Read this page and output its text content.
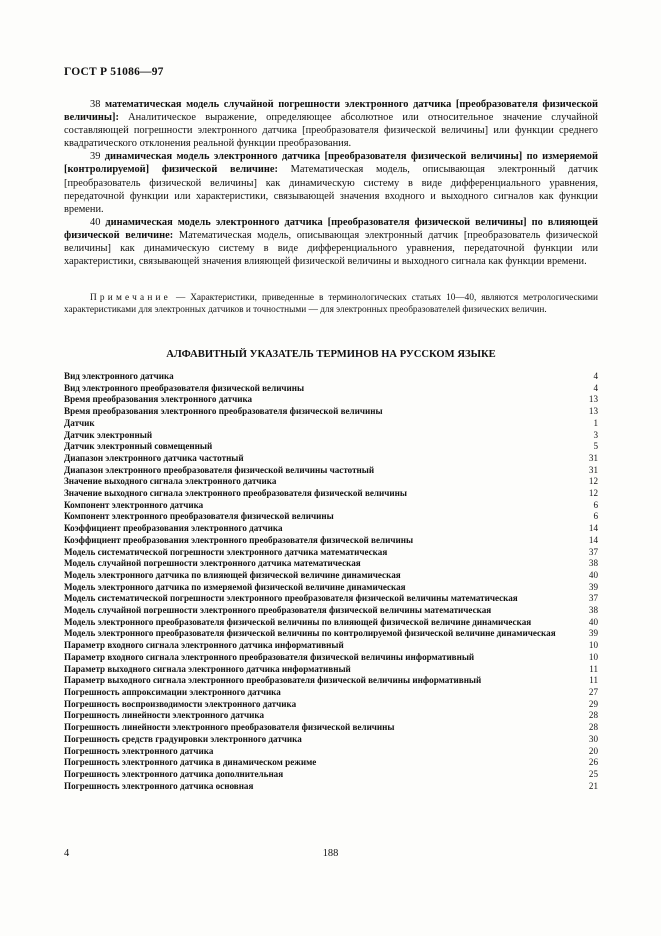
ГОСТ Р 51086—97

38 математическая модель случайной погрешности электронного датчика [преобразователя физической величины]: Аналитическое выражение, определяющее абсолютное или относительное значение случайной составляющей погрешности электронного датчика [преобразователя физической величины] или функции среднего квадратического отклонения реальной функции преобразования.

39 динамическая модель электронного датчика [преобразователя физической величины] по измеряемой [контролируемой] физической величине: Математическая модель, описывающая электронный датчик [преобразователь физической величины] как динамическую систему в виде дифференциального уравнения, передаточной функции или характеристики, связывающей значения входного и выходного сигналов как функции времени.

40 динамическая модель электронного датчика [преобразователя физической величины] по влияющей физической величине: Математическая модель, описывающая электронный датчик [преобразователь физической величины] как динамическую систему в виде дифференциального уравнения, передаточной функции или характеристики, связывающей значения влияющей физической величины и выходного сигнала как функции времени.

Примечание — Характеристики, приведенные в терминологических статьях 10—40, являются метрологическими характеристиками для электронных датчиков и точностными — для электронных преобразователей физических величин.

АЛФАВИТНЫЙ УКАЗАТЕЛЬ ТЕРМИНОВ НА РУССКОМ ЯЗЫКЕ
Вид электронного датчика	4
Вид электронного преобразователя физической величины	4
Время преобразования электронного датчика	13
Время преобразования электронного преобразователя физической величины	13
Датчик	1
Датчик электронный	3
Датчик электронный совмещенный	5
Диапазон электронного датчика частотный	31
Диапазон электронного преобразователя физической величины частотный	31
Значение выходного сигнала электронного датчика	12
Значение выходного сигнала электронного преобразователя физической величины	12
Компонент электронного датчика	6
Компонент электронного преобразователя физической величины	6
Коэффициент преобразования электронного датчика	14
Коэффициент преобразования электронного преобразователя физической величины	14
Модель систематической погрешности электронного датчика математическая	37
Модель случайной погрешности электронного датчика математическая	38
Модель электронного датчика по влияющей физической величине динамическая	40
Модель электронного датчика по измеряемой физической величине динамическая	39
Модель систематической погрешности электронного преобразователя физической величины математическая	37
Модель случайной погрешности электронного преобразователя физической величины математическая	38
Модель электронного преобразователя физической величины по влияющей физической величине динамическая	40
Модель электронного преобразователя физической величины по контролируемой физической величине динамическая	39
Параметр входного сигнала электронного датчика информативный	10
Параметр входного сигнала электронного преобразователя физической величины информативный	10
Параметр выходного сигнала электронного датчика информативный	11
Параметр выходного сигнала электронного преобразователя физической величины информативный	11
Погрешность аппроксимации электронного датчика	27
Погрешность воспроизводимости электронного датчика	29
Погрешность линейности электронного датчика	28
Погрешность линейности электронного преобразователя физической величины	28
Погрешность средств градуировки электронного датчика	30
Погрешность электронного датчика	20
Погрешность электронного датчика в динамическом режиме	26
Погрешность электронного датчика дополнительная	25
Погрешность электронного датчика основная	21
4	188
